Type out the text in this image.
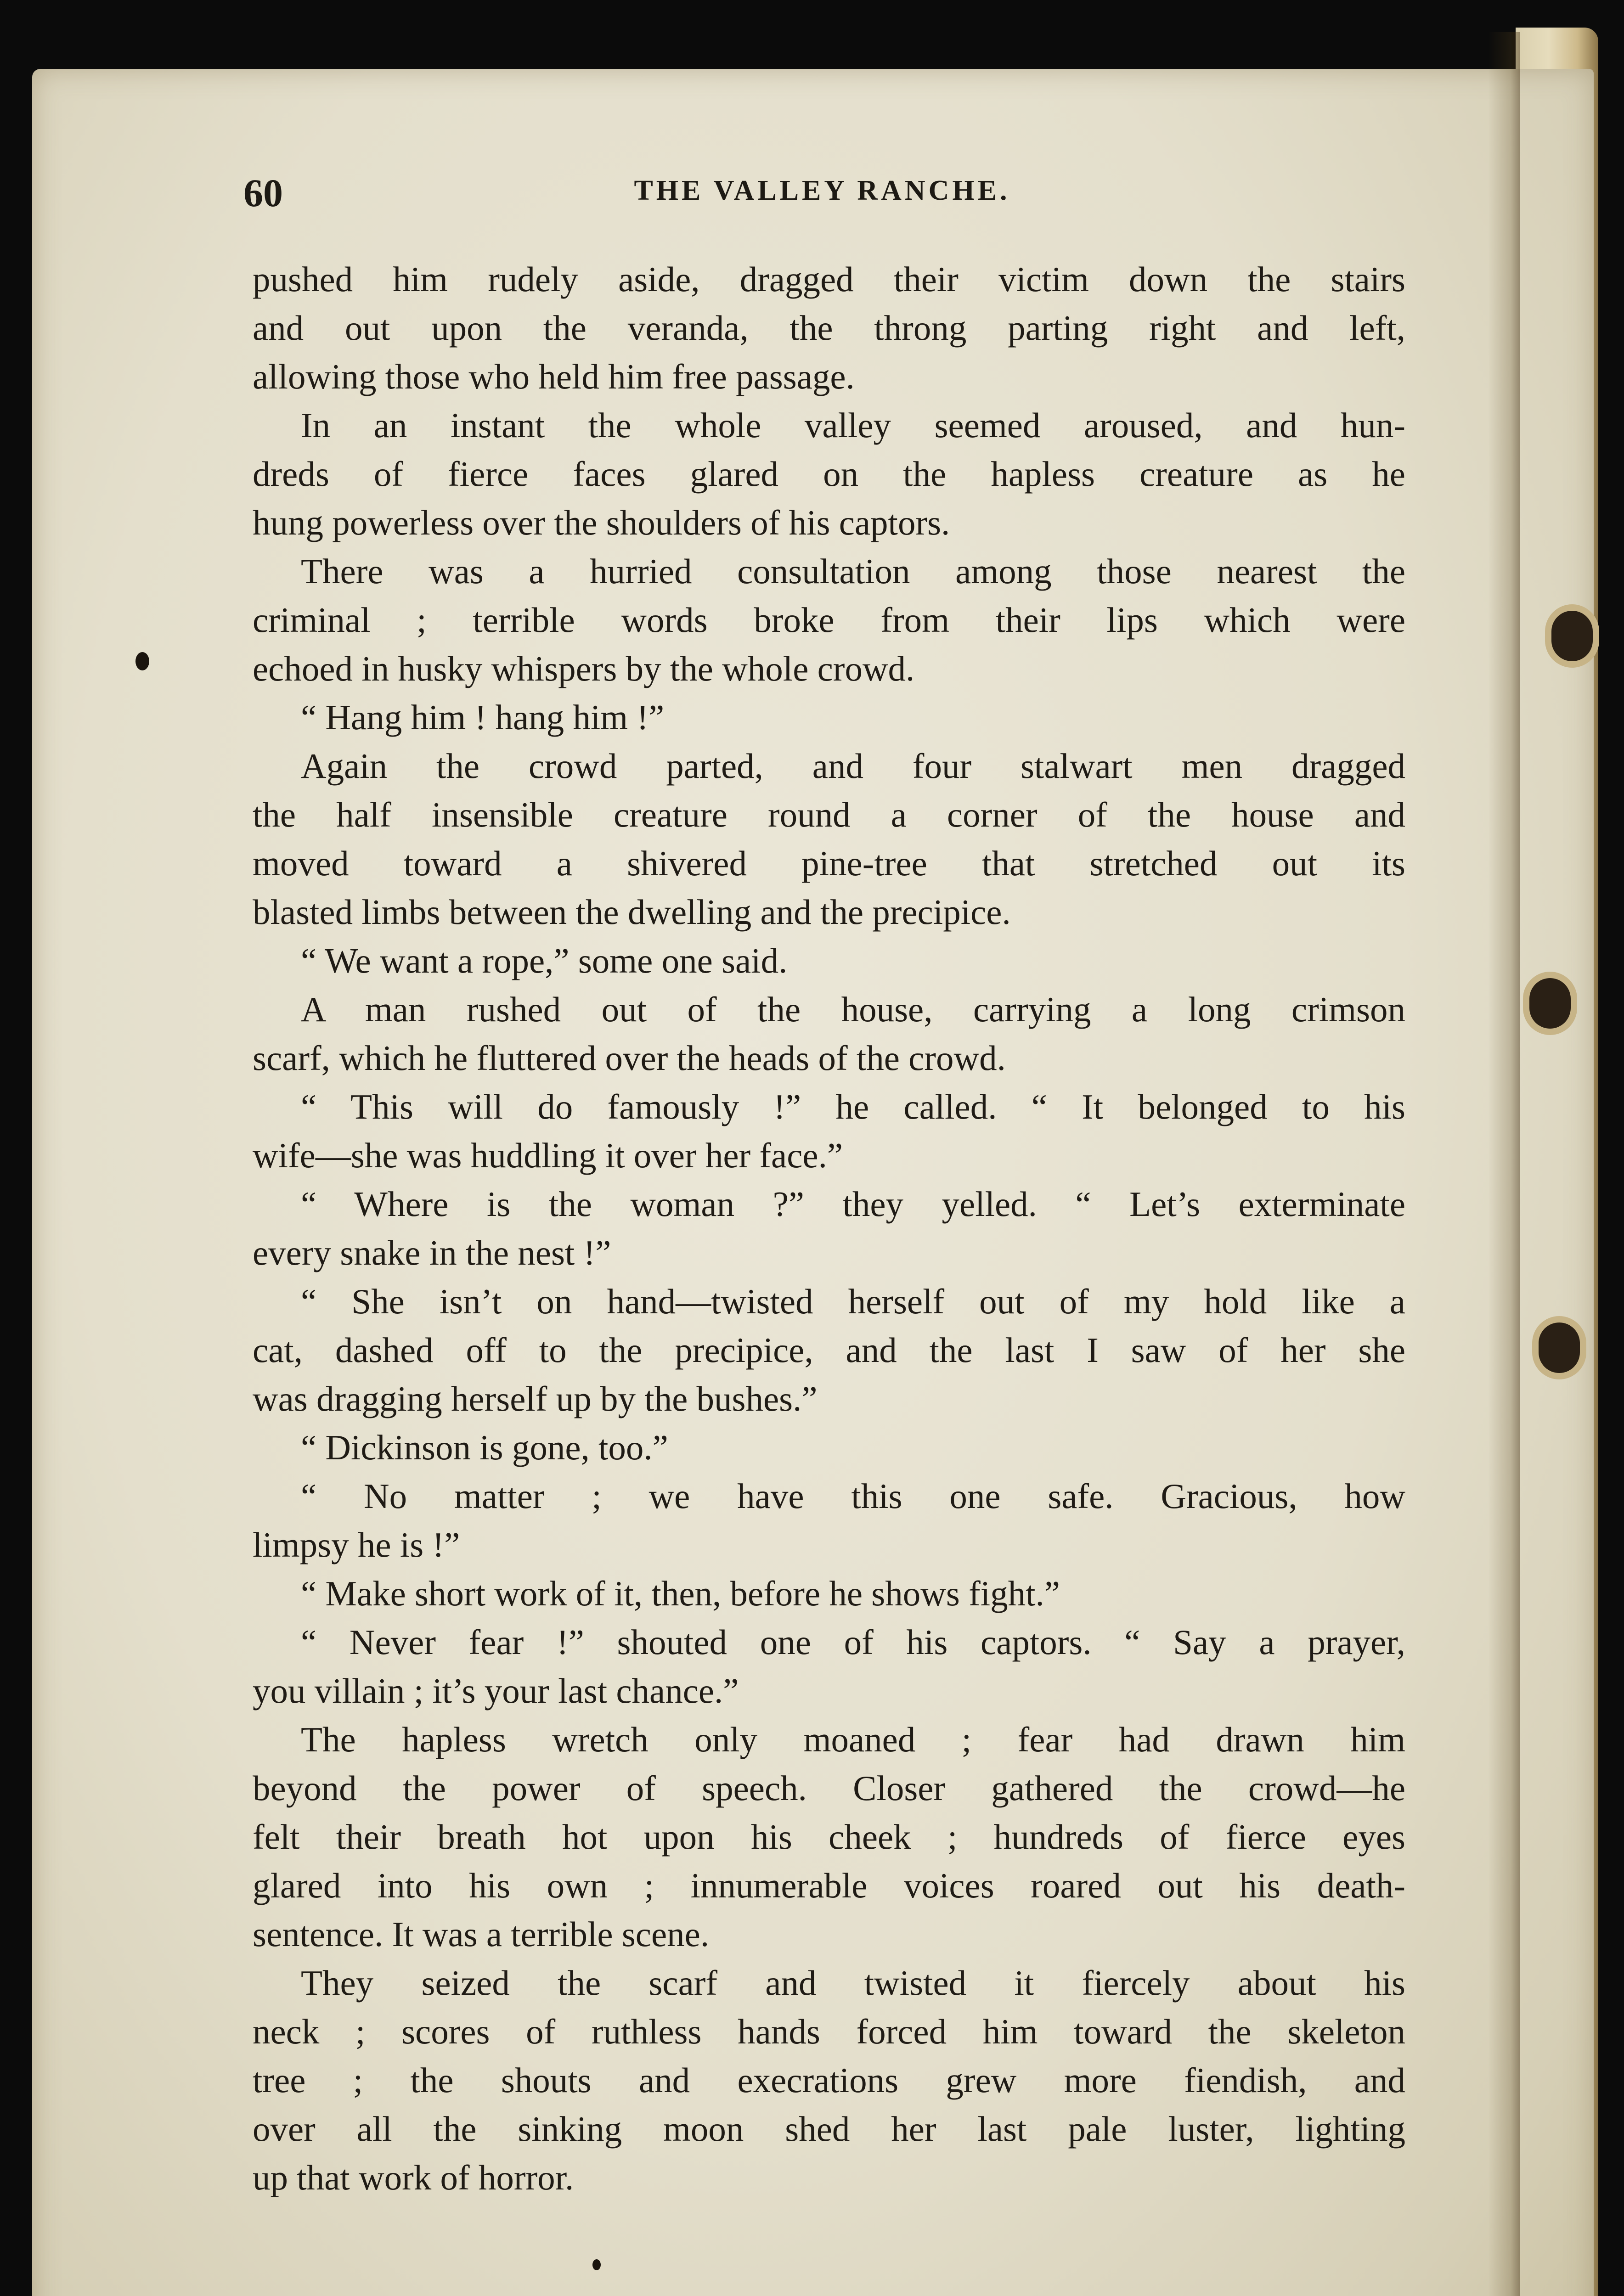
60	THE VALLEY RANCHE.
pushed him rudely aside, dragged their victim down the stairs
and out upon the veranda, the throng parting right and left,
allowing those who held him free passage.
In an instant the whole valley seemed aroused, and hun-
dreds of fierce faces glared on the hapless creature as he
hung powerless over the shoulders of his captors.
There was a hurried consultation among those nearest the
criminal ; terrible words broke from their lips which were
echoed in husky whispers by the whole crowd.
“ Hang him ! hang him !”
Again the crowd parted, and four stalwart men dragged
the half insensible creature round a corner of the house and
moved toward a shivered pine-tree that stretched out its
blasted limbs between the dwelling and the precipice.
“ We want a rope,” some one said.
A man rushed out of the house, carrying a long crimson
scarf, which he fluttered over the heads of the crowd.
“ This will do famously !” he called. “ It belonged to his
wife—she was huddling it over her face.”
“ Where is the woman ?” they yelled. “ Let’s exterminate
every snake in the nest !”
“ She isn’t on hand—twisted herself out of my hold like a
cat, dashed off to the precipice, and the last I saw of her she
was dragging herself up by the bushes.”
“ Dickinson is gone, too.”
“ No matter ; we have this one safe. Gracious, how
limpsy he is !”
“ Make short work of it, then, before he shows fight.”
“ Never fear !” shouted one of his captors. “ Say a prayer,
you villain ; it’s your last chance.”
The hapless wretch only moaned ; fear had drawn him
beyond the power of speech. Closer gathered the crowd—he
felt their breath hot upon his cheek ; hundreds of fierce eyes
glared into his own ; innumerable voices roared out his death-
sentence. It was a terrible scene.
They seized the scarf and twisted it fiercely about his
neck ; scores of ruthless hands forced him toward the skeleton
tree ; the shouts and execrations grew more fiendish, and
over all the sinking moon shed her last pale luster, lighting
up that work of horror.
